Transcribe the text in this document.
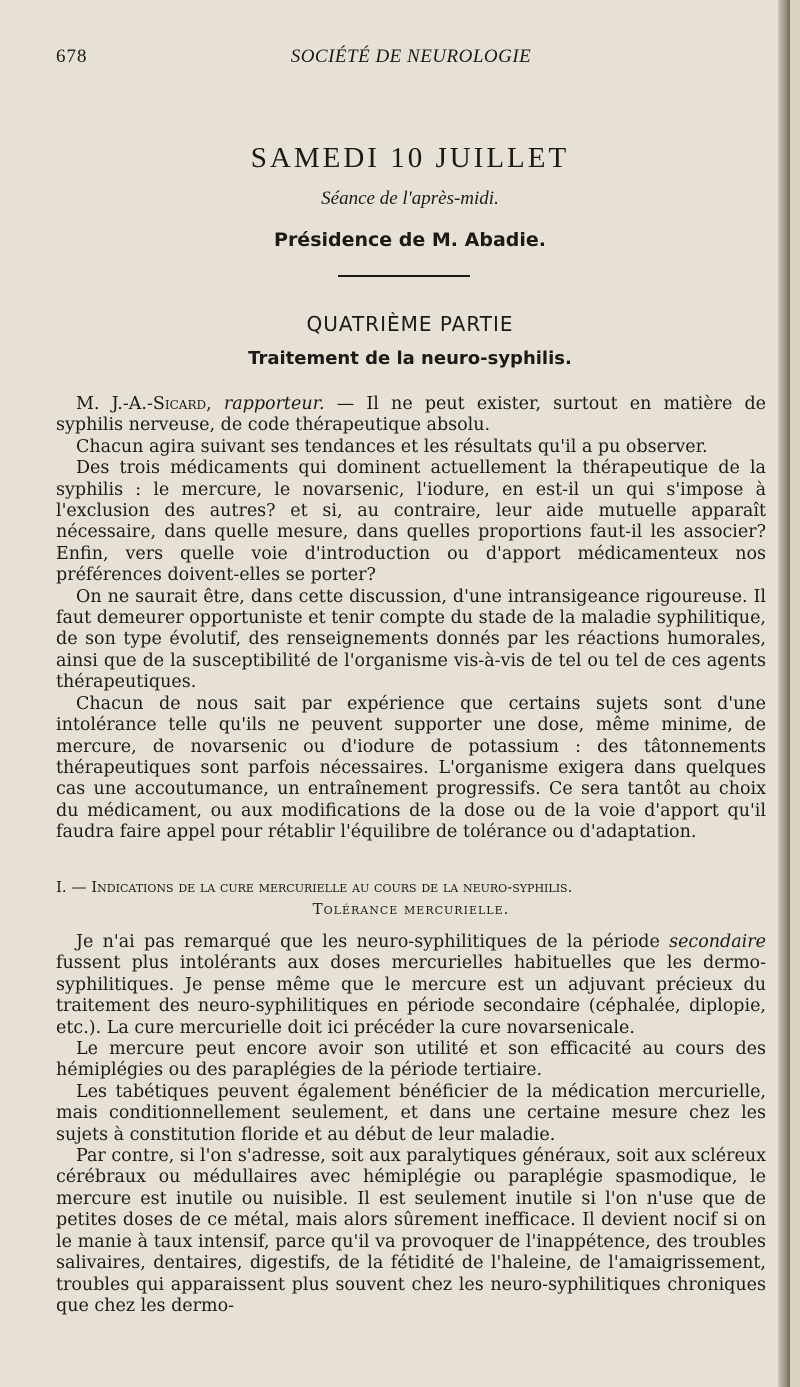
678	SOCIÉTÉ DE NEUROLOGIE
SAMEDI 10 JUILLET
Séance de l'après-midi.
Présidence de M. Abadie.
QUATRIÈME PARTIE
Traitement de la neuro-syphilis.

M. J.-A.-Sicard, rapporteur. — Il ne peut exister, surtout en matière de syphilis nerveuse, de code thérapeutique absolu.

Chacun agira suivant ses tendances et les résultats qu'il a pu observer.

Des trois médicaments qui dominent actuellement la thérapeutique de la syphilis : le mercure, le novarsenic, l'iodure, en est-il un qui s'impose à l'exclusion des autres? et si, au contraire, leur aide mutuelle apparaît nécessaire, dans quelle mesure, dans quelles proportions faut-il les associer? Enfin, vers quelle voie d'introduction ou d'apport médicamenteux nos préférences doivent-elles se porter?

On ne saurait être, dans cette discussion, d'une intransigeance rigoureuse. Il faut demeurer opportuniste et tenir compte du stade de la maladie syphilitique, de son type évolutif, des renseignements donnés par les réactions humorales, ainsi que de la susceptibilité de l'organisme vis-à-vis de tel ou tel de ces agents thérapeutiques.

Chacun de nous sait par expérience que certains sujets sont d'une intolérance telle qu'ils ne peuvent supporter une dose, même minime, de mercure, de novarsenic ou d'iodure de potassium : des tâtonnements thérapeutiques sont parfois nécessaires. L'organisme exigera dans quelques cas une accoutumance, un entraînement progressifs. Ce sera tantôt au choix du médicament, ou aux modifications de la dose ou de la voie d'apport qu'il faudra faire appel pour rétablir l'équilibre de tolérance ou d'adaptation.

I. — Indications de la cure mercurielle au cours de la neuro-syphilis.
Tolérance mercurielle.

Je n'ai pas remarqué que les neuro-syphilitiques de la période secondaire fussent plus intolérants aux doses mercurielles habituelles que les dermo-syphilitiques. Je pense même que le mercure est un adjuvant précieux du traitement des neuro-syphilitiques en période secondaire (céphalée, diplopie, etc.). La cure mercurielle doit ici précéder la cure novarsenicale.

Le mercure peut encore avoir son utilité et son efficacité au cours des hémiplégies ou des paraplégies de la période tertiaire.

Les tabétiques peuvent également bénéficier de la médication mercurielle, mais conditionnellement seulement, et dans une certaine mesure chez les sujets à constitution floride et au début de leur maladie.

Par contre, si l'on s'adresse, soit aux paralytiques généraux, soit aux scléreux cérébraux ou médullaires avec hémiplégie ou paraplégie spasmodique, le mercure est inutile ou nuisible. Il est seulement inutile si l'on n'use que de petites doses de ce métal, mais alors sûrement inefficace. Il devient nocif si on le manie à taux intensif, parce qu'il va provoquer de l'inappétence, des troubles salivaires, dentaires, digestifs, de la fétidité de l'haleine, de l'amaigrissement, troubles qui apparaissent plus souvent chez les neuro-syphilitiques chroniques que chez les dermo-
